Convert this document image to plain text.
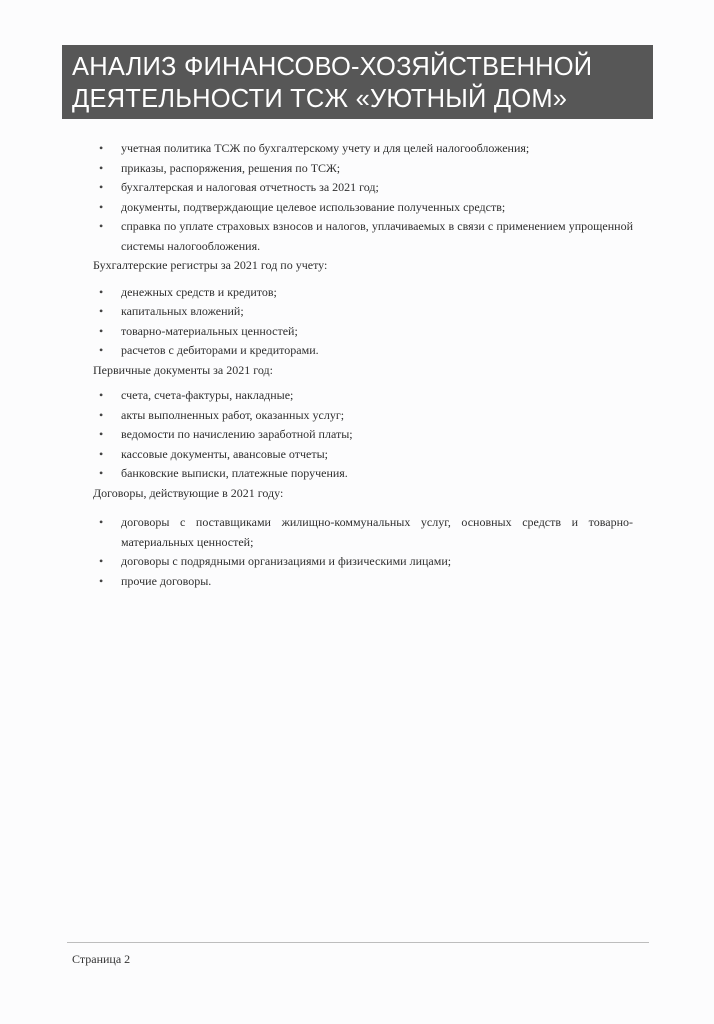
АНАЛИЗ ФИНАНСОВО-ХОЗЯЙСТВЕННОЙ
ДЕЯТЕЛЬНОСТИ ТСЖ «УЮТНЫЙ ДОМ»
• учетная политика ТСЖ по бухгалтерскому учету и для целей налогообложения;
• приказы, распоряжения, решения по ТСЖ;
• бухгалтерская и налоговая отчетность за 2021 год;
• документы, подтверждающие целевое использование полученных средств;
• справка по уплате страховых взносов и налогов, уплачиваемых в связи с применением упрощенной системы налогообложения.

Бухгалтерские регистры за 2021 год по учету:

• денежных средств и кредитов;
• капитальных вложений;
• товарно-материальных ценностей;
• расчетов с дебиторами и кредиторами.

Первичные документы за 2021 год:

• счета, счета-фактуры, накладные;
• акты выполненных работ, оказанных услуг;
• ведомости по начислению заработной платы;
• кассовые документы, авансовые отчеты;
• банковские выписки, платежные поручения.

Договоры, действующие в 2021 году:

• договоры с поставщиками жилищно-коммунальных услуг, основных средств и товарно-материальных ценностей;
• договоры с подрядными организациями и физическими лицами;
• прочие договоры.
Страница 2
